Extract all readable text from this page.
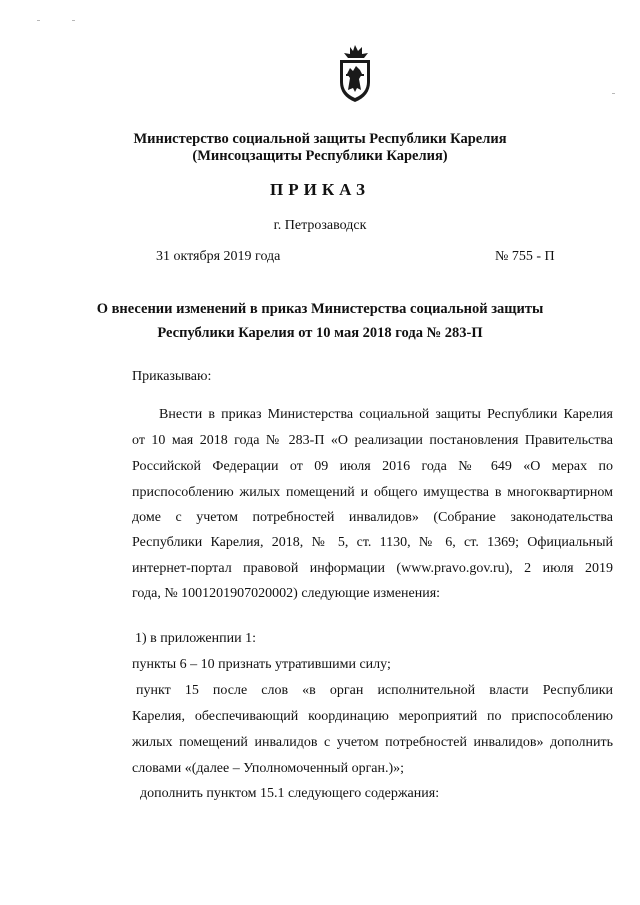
Министерство социальной защиты Республики Карелия
(Минсоцзащиты Республики Карелия)
ПРИКАЗ
г. Петрозаводск
31 октября 2019 года	№ 755 - П
О внесении изменений в приказ Министерства социальной защиты
Республики Карелия от 10 мая 2018 года № 283-П
Приказываю:
Внести в приказ Министерства социальной защиты Республики Карелия
от 10 мая 2018 года № 283-П «О реализации постановления Правительства
Российской Федерации от 09 июля 2016 года № 649 «О мерах по
приспособлению жилых помещений и общего имущества в многоквартирном
доме с учетом потребностей инвалидов» (Собрание законодательства
Республики Карелия, 2018, № 5, ст. 1130, № 6, ст. 1369; Официальный
интернет-портал правовой информации (www.pravo.gov.ru), 2 июля 2019
года, № 1001201907020002) следующие изменения:
1) в приложенпии 1:
пункты 6 – 10 признать утратившими силу;
пункт 15 после слов «в орган исполнительной власти Республики
Карелия, обеспечивающий координацию мероприятий по приспособлению
жилых помещений инвалидов с учетом потребностей инвалидов» дополнить
словами «(далее – Уполномоченный орган.)»;
дополнить пунктом 15.1 следующего содержания:
